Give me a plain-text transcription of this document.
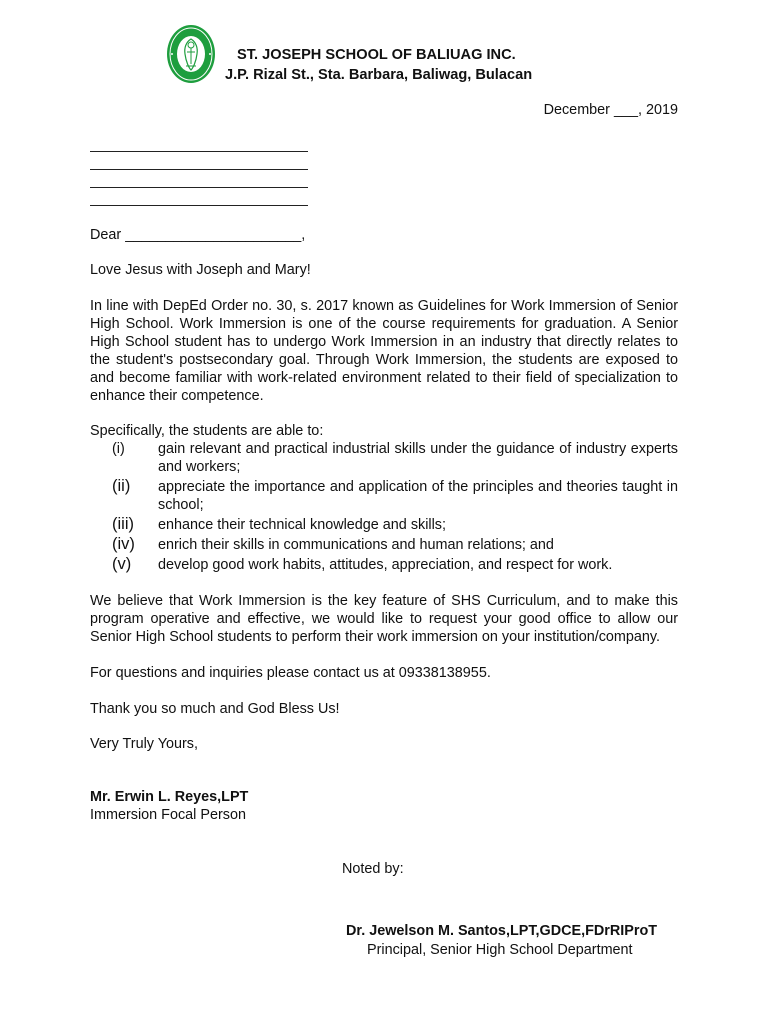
ST. JOSEPH SCHOOL OF BALIUAG INC.
J.P. Rizal St., Sta. Barbara, Baliwag, Bulacan
December ___, 2019
Dear ______________________,
Love Jesus with Joseph and Mary!
In line with DepEd Order no. 30, s. 2017 known as Guidelines for Work Immersion of Senior High School. Work Immersion is one of the course requirements for graduation. A Senior High School student has to undergo Work Immersion in an industry that directly relates to the student's postsecondary goal. Through Work Immersion, the students are exposed to and become familiar with work-related environment related to their field of specialization to enhance their competence.
Specifically, the students are able to:
(i) gain relevant and practical industrial skills under the guidance of industry experts and workers;
(ii) appreciate the importance and application of the principles and theories taught in school;
(iii) enhance their technical knowledge and skills;
(iv) enrich their skills in communications and human relations; and
(v) develop good work habits, attitudes, appreciation, and respect for work.
We believe that Work Immersion is the key feature of SHS Curriculum, and to make this program operative and effective, we would like to request your good office to allow our Senior High School students to perform their work immersion on your institution/company.
For questions and inquiries please contact us at 09338138955.
Thank you so much and God Bless Us!
Very Truly Yours,
Mr. Erwin L. Reyes,LPT
Immersion Focal Person
Noted by:
Dr. Jewelson M. Santos,LPT,GDCE,FDrRIProT
Principal, Senior High School Department
